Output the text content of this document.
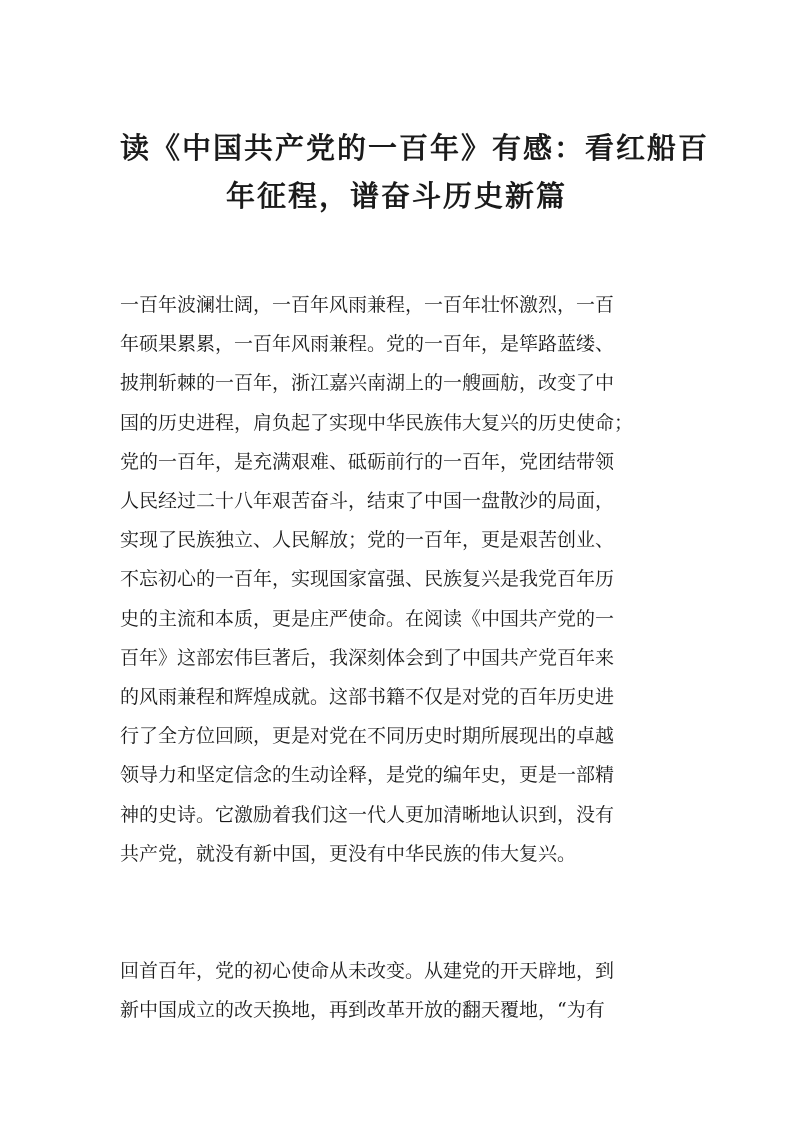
读《中国共产党的一百年》有感：看红船百
年征程，谱奋斗历史新篇
一百年波澜壮阔，一百年风雨兼程，一百年壮怀激烈，一百
年硕果累累，一百年风雨兼程。党的一百年，是筚路蓝缕、
披荆斩棘的一百年，浙江嘉兴南湖上的一艘画舫，改变了中
国的历史进程，肩负起了实现中华民族伟大复兴的历史使命；
党的一百年，是充满艰难、砥砺前行的一百年，党团结带领
人民经过二十八年艰苦奋斗，结束了中国一盘散沙的局面，
实现了民族独立、人民解放；党的一百年，更是艰苦创业、
不忘初心的一百年，实现国家富强、民族复兴是我党百年历
史的主流和本质，更是庄严使命。在阅读《中国共产党的一
百年》这部宏伟巨著后，我深刻体会到了中国共产党百年来
的风雨兼程和辉煌成就。这部书籍不仅是对党的百年历史进
行了全方位回顾，更是对党在不同历史时期所展现出的卓越
领导力和坚定信念的生动诠释，是党的编年史，更是一部精
神的史诗。它激励着我们这一代人更加清晰地认识到，没有
共产党，就没有新中国，更没有中华民族的伟大复兴。
回首百年，党的初心使命从未改变。从建党的开天辟地，到
新中国成立的改天换地，再到改革开放的翻天覆地，“为有
